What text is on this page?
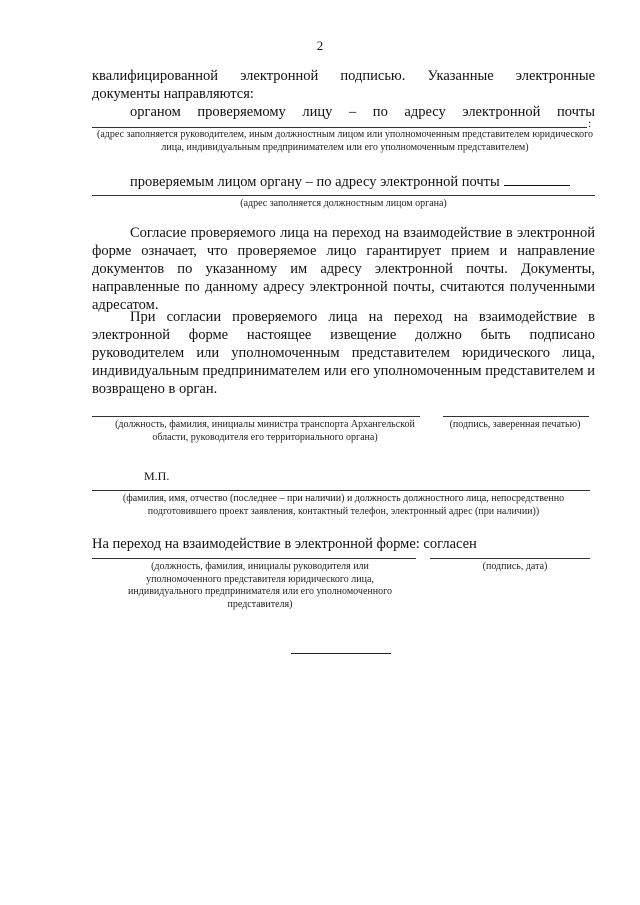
2

квалифицированной электронной подписью. Указанные электронные

документы направляются:

органом проверяемому лицу – по адресу электронной почты

:
(адрес заполняется руководителем, иным должностным лицом или уполномоченным представителем юридического лица, индивидуальным предпринимателем или его уполномоченным представителем)

проверяемым лицом органу – по адресу электронной почты

(адрес заполняется должностным лицом органа)

Согласие проверяемого лица на переход на взаимодействие в электронной форме означает, что проверяемое лицо гарантирует прием и направление документов по указанному им адресу электронной почты. Документы, направленные по данному адресу электронной почты, считаются полученными адресатом.

При согласии проверяемого лица на переход на взаимодействие в электронной форме настоящее извещение должно быть подписано руководителем или уполномоченным представителем юридического лица, индивидуальным предпринимателем или его уполномоченным представителем и возвращено в орган.

(должность, фамилия, инициалы министра транспорта Архангельской области, руководителя его территориального органа)
(подпись, заверенная печатью)
М.П.
(фамилия, имя, отчество (последнее – при наличии) и должность должностного лица, непосредственно подготовившего проект заявления, контактный телефон, электронный адрес (при наличии))
На переход на взаимодействие в электронной форме: согласен
(должность, фамилия, инициалы руководителя или уполномоченного представителя юридического лица, индивидуального предпринимателя или его уполномоченного представителя)
(подпись, дата)
